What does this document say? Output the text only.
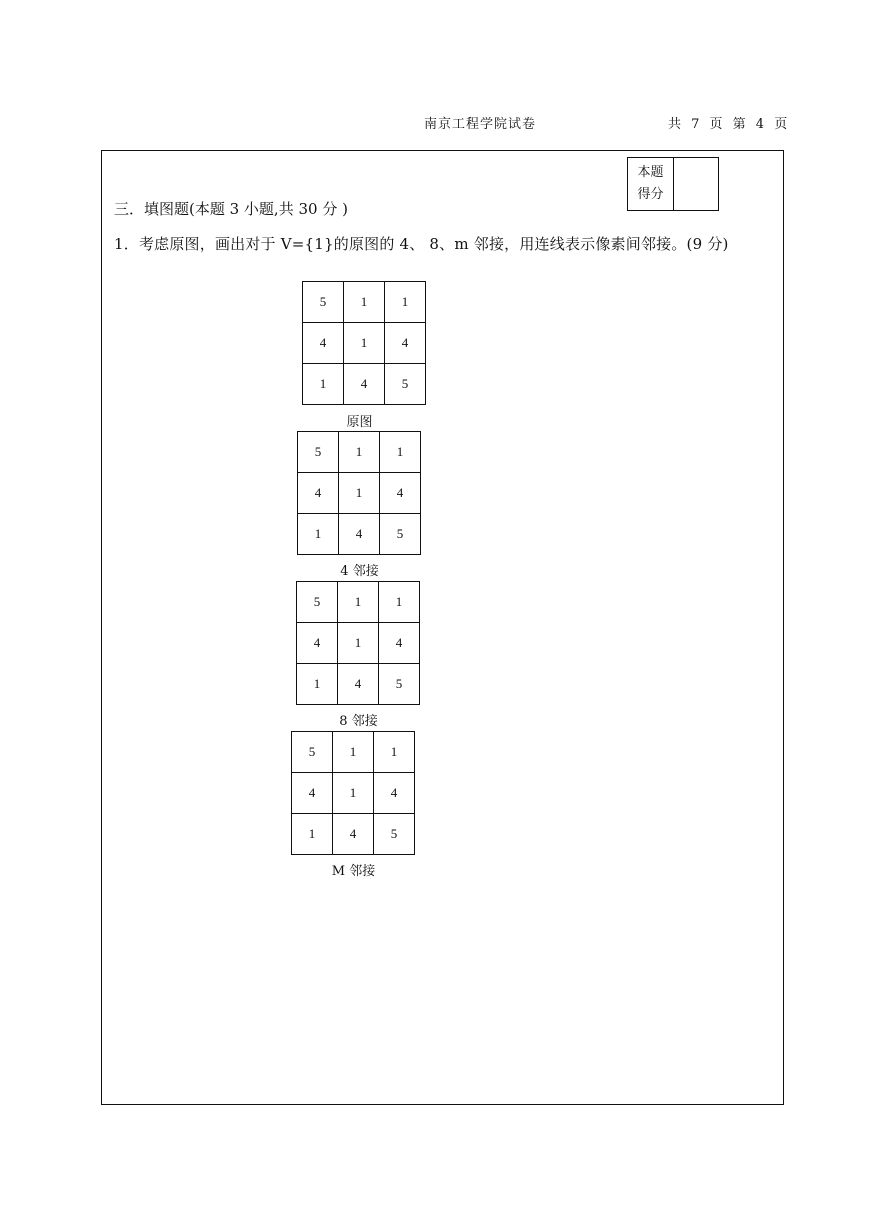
南京工程学院试卷	共 7 页 第 4 页
本题
得分
三．填图题(本题 3 小题,共 30 分 )
1．考虑原图，画出对于 V={1}的原图的 4、 8、m 邻接，用连线表示像素间邻接。(9 分)
5	1	1
4	1	4
1	4	5
原图
5	1	1
4	1	4
1	4	5
4 邻接
5	1	1
4	1	4
1	4	5
8 邻接
5	1	1
4	1	4
1	4	5
M 邻接
